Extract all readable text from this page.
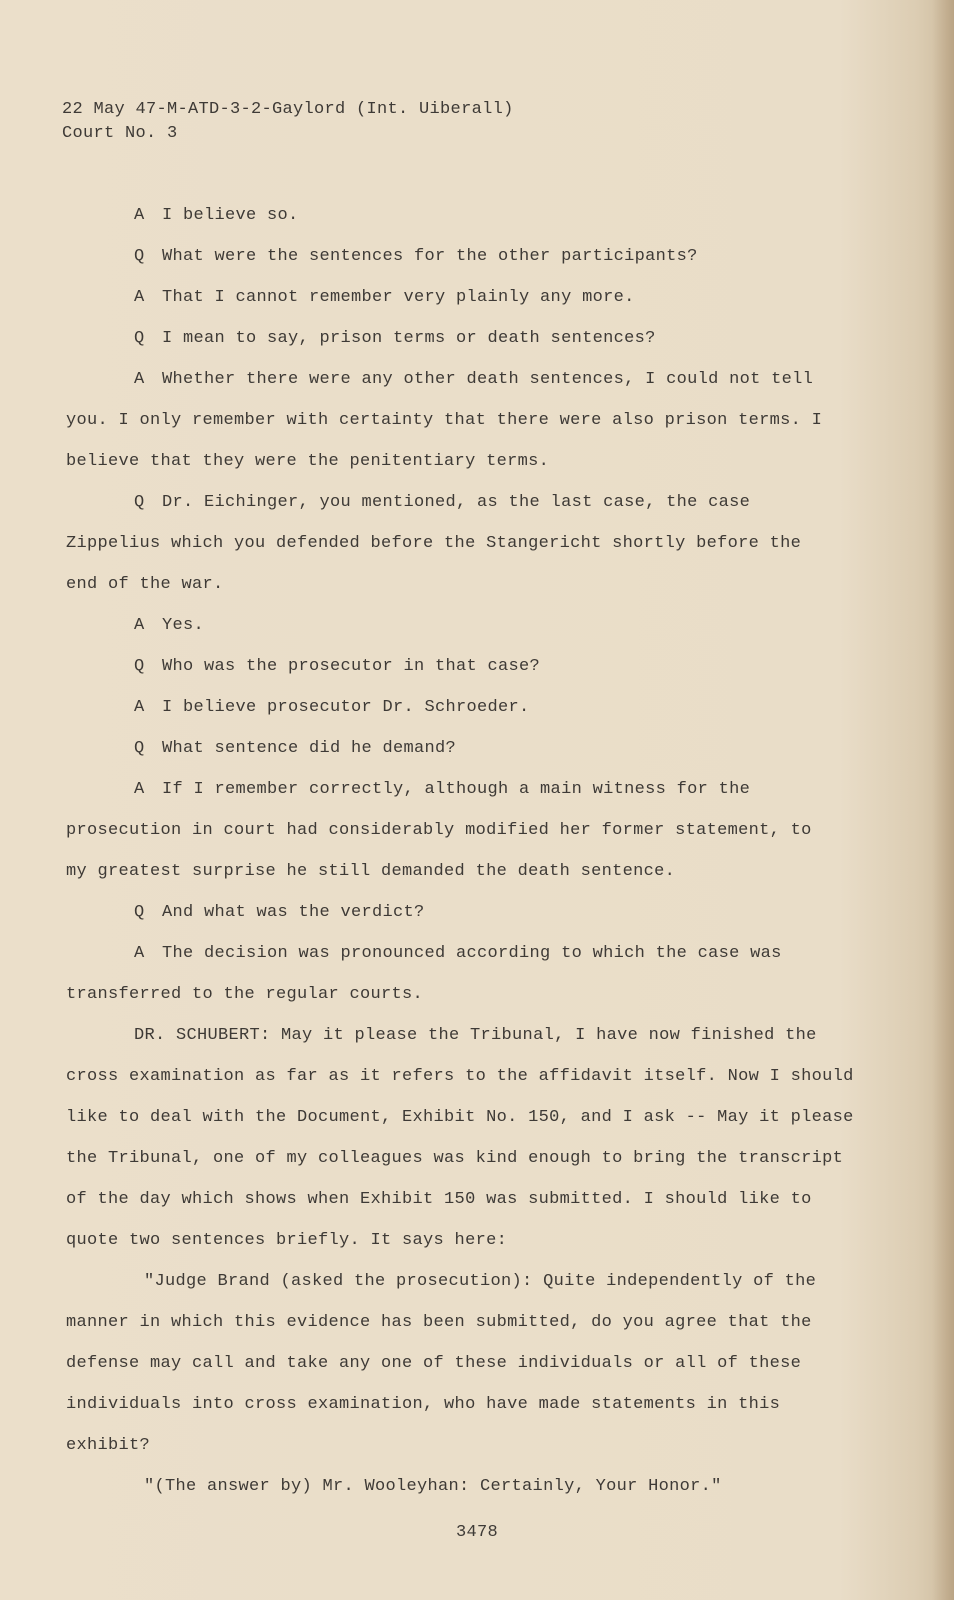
22 May 47-M-ATD-3-2-Gaylord (Int. Uiberall)
Court No. 3
A I believe so.
Q What were the sentences for the other participants?
A That I cannot remember very plainly any more.
Q I mean to say, prison terms or death sentences?
A Whether there were any other death sentences, I could not tell
you. I only remember with certainty that there were also prison terms. I
believe that they were the penitentiary terms.
Q Dr. Eichinger, you mentioned, as the last case, the case
Zippelius which you defended before the Stangericht shortly before the
end of the war.
A Yes.
Q Who was the prosecutor in that case?
A I believe prosecutor Dr. Schroeder.
Q What sentence did he demand?
A If I remember correctly, although a main witness for the
prosecution in court had considerably modified her former statement, to
my greatest surprise he still demanded the death sentence.
Q And what was the verdict?
A The decision was pronounced according to which the case was
transferred to the regular courts.
DR. SCHUBERT: May it please the Tribunal, I have now finished the
cross examination as far as it refers to the affidavit itself. Now I should
like to deal with the Document, Exhibit No. 150, and I ask -- May it please
the Tribunal, one of my colleagues was kind enough to bring the transcript
of the day which shows when Exhibit 150 was submitted. I should like to
quote two sentences briefly. It says here:
"Judge Brand (asked the prosecution): Quite independently of the
manner in which this evidence has been submitted, do you agree that the
defense may call and take any one of these individuals or all of these
individuals into cross examination, who have made statements in this
exhibit?
"(The answer by) Mr. Wooleyhan: Certainly, Your Honor."
3478
